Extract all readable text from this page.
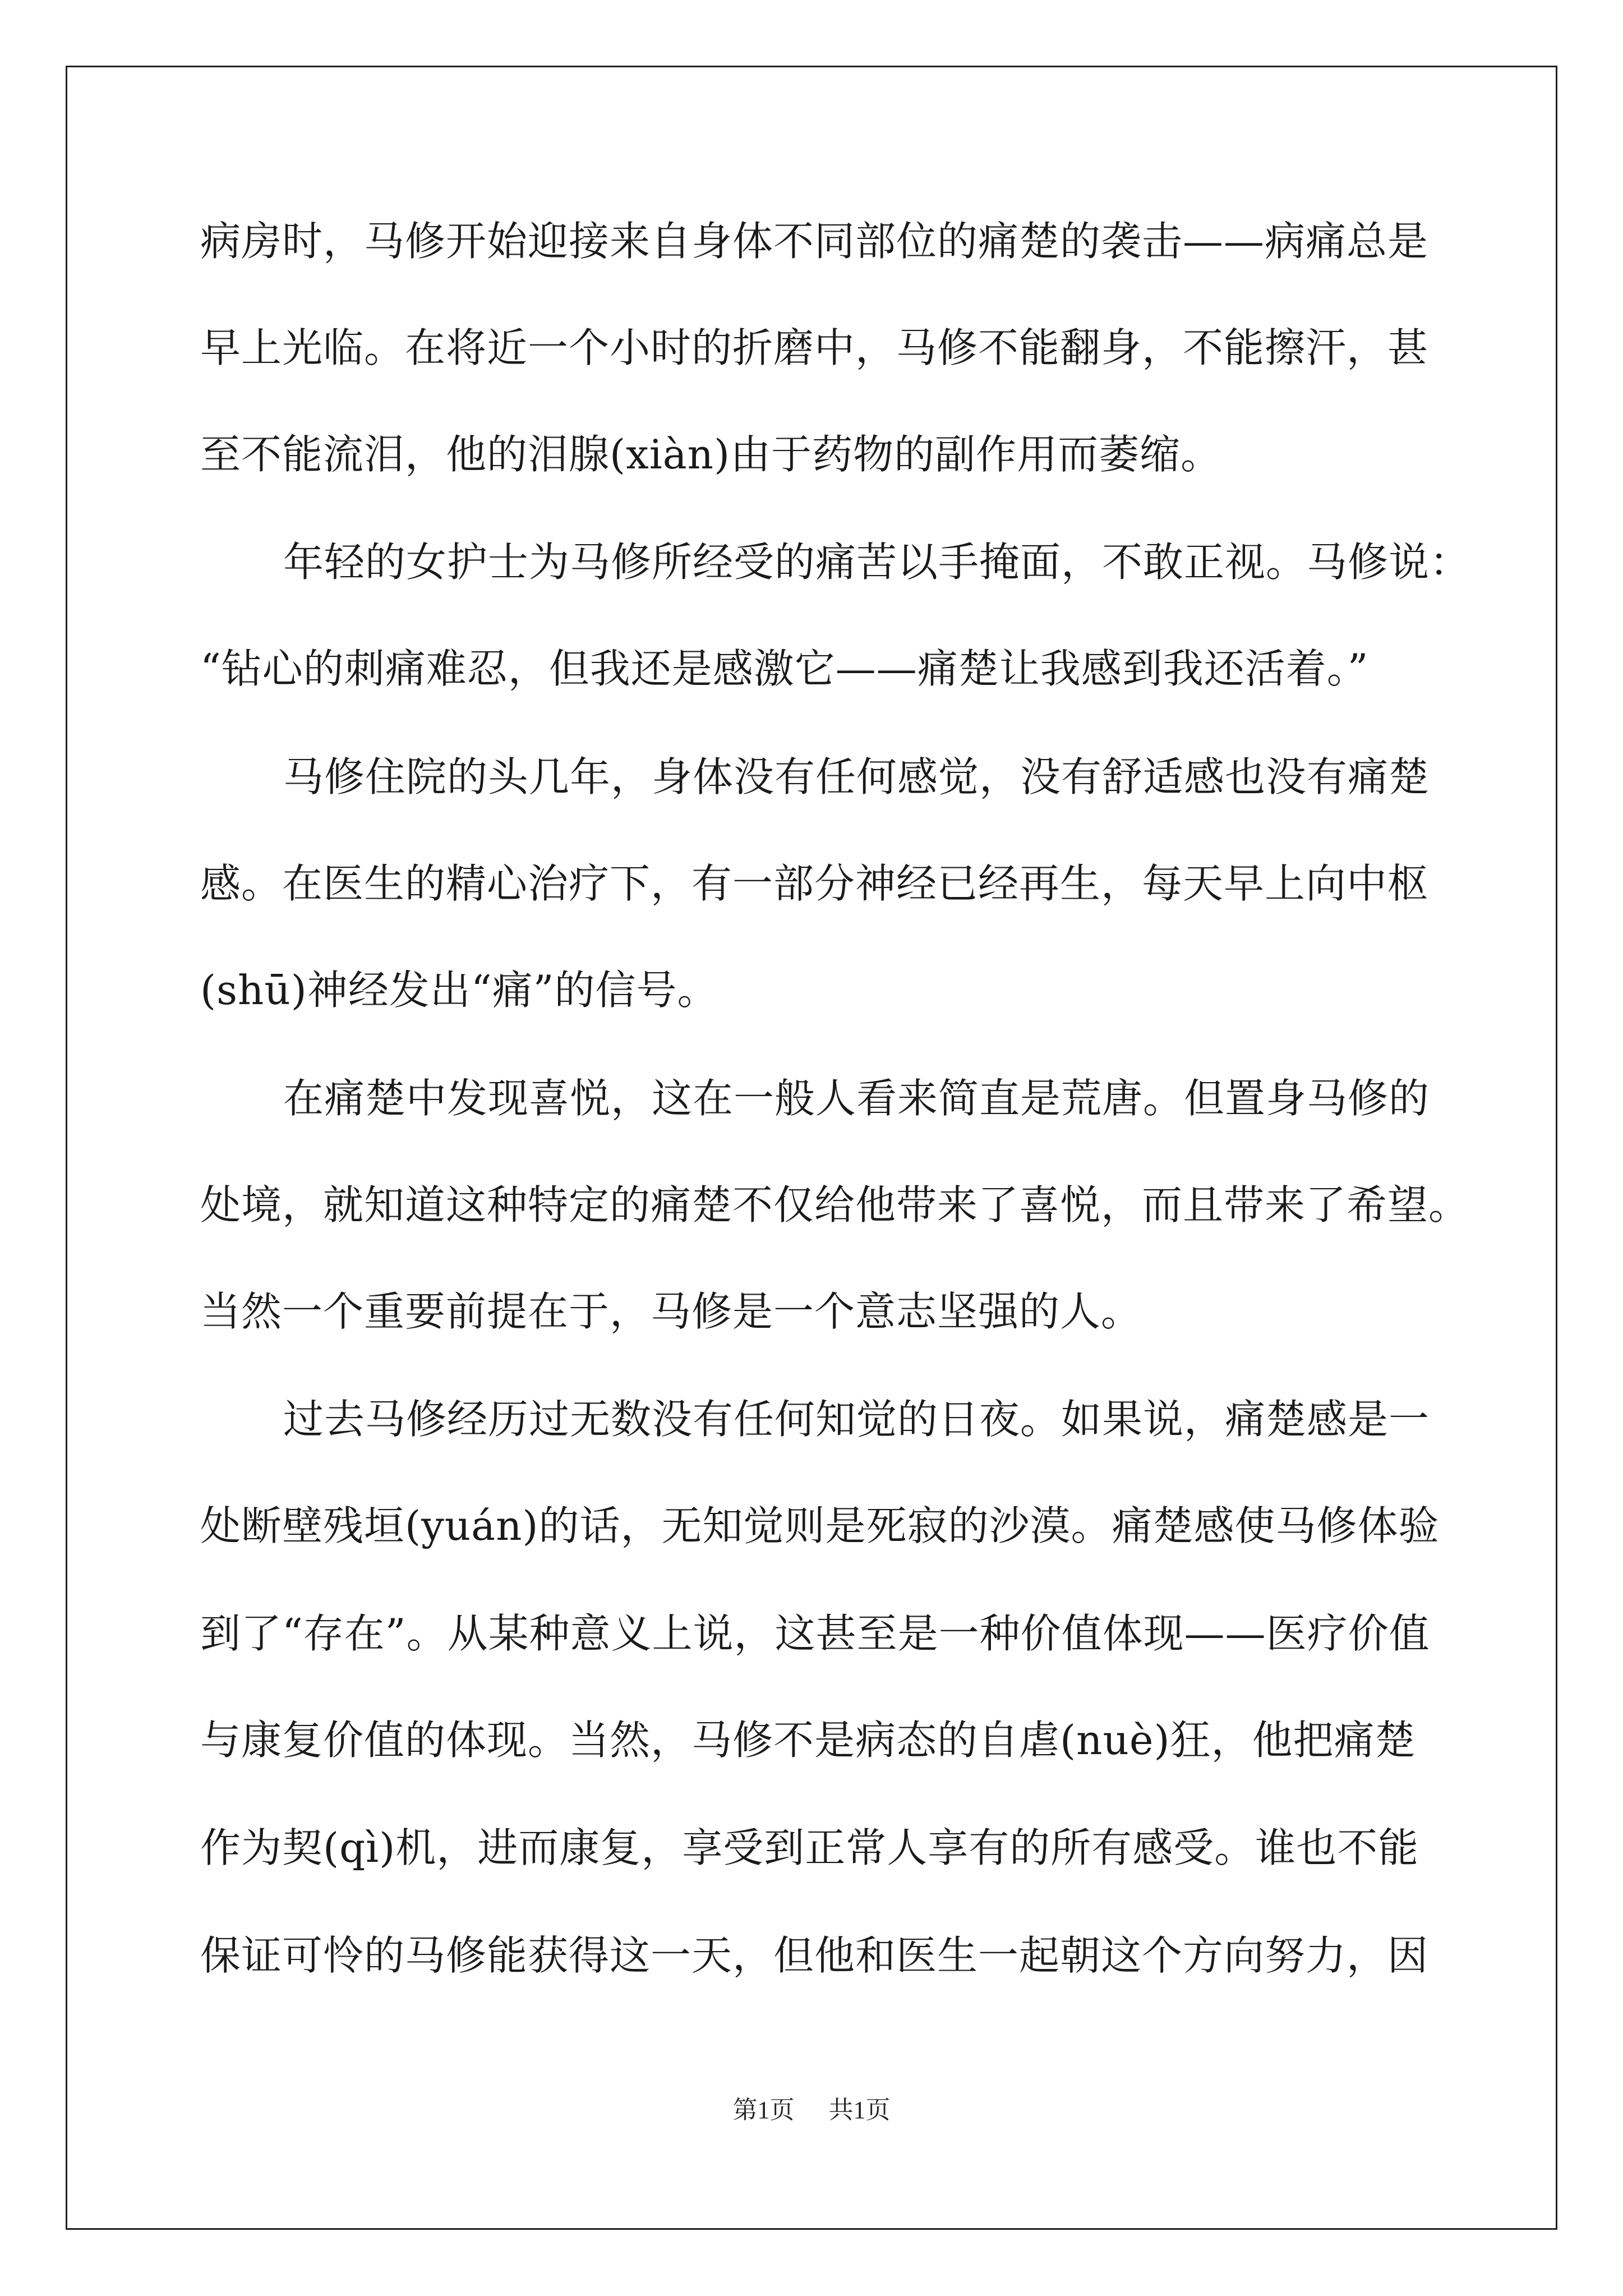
病房时，马修开始迎接来自身体不同部位的痛楚的袭击——病痛总是
早上光临。在将近一个小时的折磨中，马修不能翻身，不能擦汗，甚
至不能流泪，他的泪腺(xiàn)由于药物的副作用而萎缩。
年轻的女护士为马修所经受的痛苦以手掩面，不敢正视。马修说：
“钻心的刺痛难忍，但我还是感激它——痛楚让我感到我还活着。”
马修住院的头几年，身体没有任何感觉，没有舒适感也没有痛楚
感。在医生的精心治疗下，有一部分神经已经再生，每天早上向中枢
(shū)神经发出“痛”的信号。
在痛楚中发现喜悦，这在一般人看来简直是荒唐。但置身马修的
处境，就知道这种特定的痛楚不仅给他带来了喜悦，而且带来了希望。
当然一个重要前提在于，马修是一个意志坚强的人。
过去马修经历过无数没有任何知觉的日夜。如果说，痛楚感是一
处断壁残垣(yuán)的话，无知觉则是死寂的沙漠。痛楚感使马修体验
到了“存在”。从某种意义上说，这甚至是一种价值体现——医疗价值
与康复价值的体现。当然，马修不是病态的自虐(nuè)狂，他把痛楚
作为契(qì)机，进而康复，享受到正常人享有的所有感受。谁也不能
保证可怜的马修能获得这一天，但他和医生一起朝这个方向努力，因
第1页 共1页
